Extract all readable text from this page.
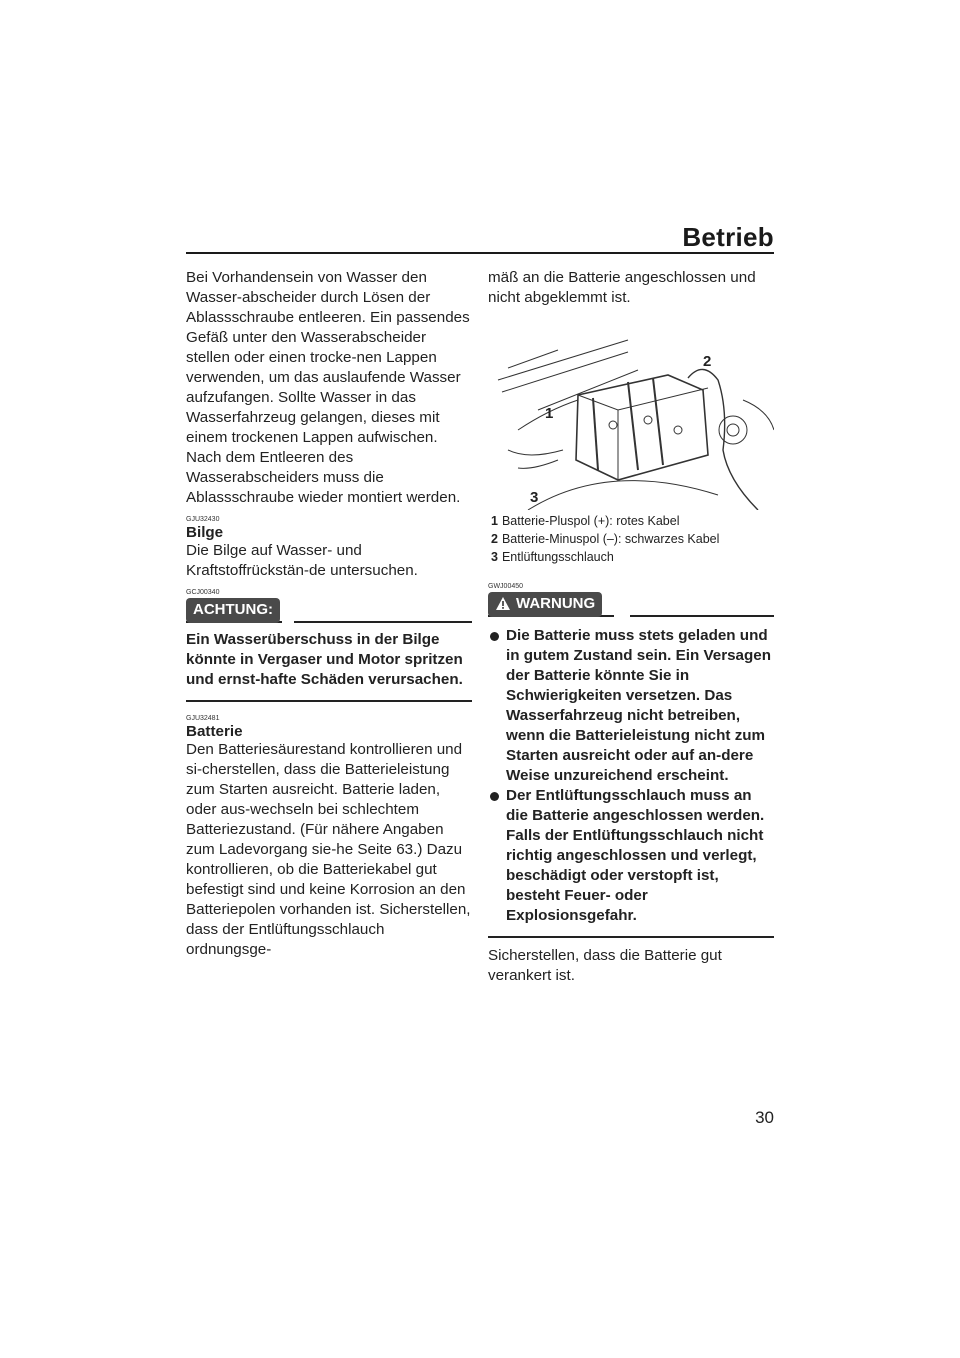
Betrieb

Bei Vorhandensein von Wasser den Wasser-abscheider durch Lösen der Ablassschraube entleeren. Ein passendes Gefäß unter den Wasserabscheider stellen oder einen trocke-nen Lappen verwenden, um das auslaufende Wasser aufzufangen. Sollte Wasser in das Wasserfahrzeug gelangen, dieses mit einem trockenen Lappen aufwischen. Nach dem Entleeren des Wasserabscheiders muss die Ablassschraube wieder montiert werden.

GJU32430
Bilge

Die Bilge auf Wasser- und Kraftstoffrückstän-de untersuchen.

GCJ00340
ACHTUNG:

Ein Wasserüberschuss in der Bilge könnte in Vergaser und Motor spritzen und ernst-hafte Schäden verursachen.

GJU32481
Batterie

Den Batteriesäurestand kontrollieren und si-cherstellen, dass die Batterieleistung zum Starten ausreicht. Batterie laden, oder aus-wechseln bei schlechtem Batteriezustand. (Für nähere Angaben zum Ladevorgang sie-he Seite 63.) Dazu kontrollieren, ob die Batteriekabel gut befestigt sind und keine Korrosion an den Batteriepolen vorhanden ist. Sicherstellen, dass der Entlüftungsschlauch ordnungsge-

mäß an die Batterie angeschlossen und nicht abgeklemmt ist.

1
2
3
1 Batterie-Pluspol (+): rotes Kabel
2 Batterie-Minuspol (–): schwarzes Kabel
3 Entlüftungsschlauch
GWJ00450
WARNUNG
Die Batterie muss stets geladen und in gutem Zustand sein. Ein Versagen der Batterie könnte Sie in Schwierigkeiten versetzen. Das Wasserfahrzeug nicht betreiben, wenn die Batterieleistung nicht zum Starten ausreicht oder auf an-dere Weise unzureichend erscheint.
Der Entlüftungsschlauch muss an die Batterie angeschlossen werden. Falls der Entlüftungsschlauch nicht richtig angeschlossen und verlegt, beschädigt oder verstopft ist, besteht Feuer- oder Explosionsgefahr.

Sicherstellen, dass die Batterie gut verankert ist.

30
